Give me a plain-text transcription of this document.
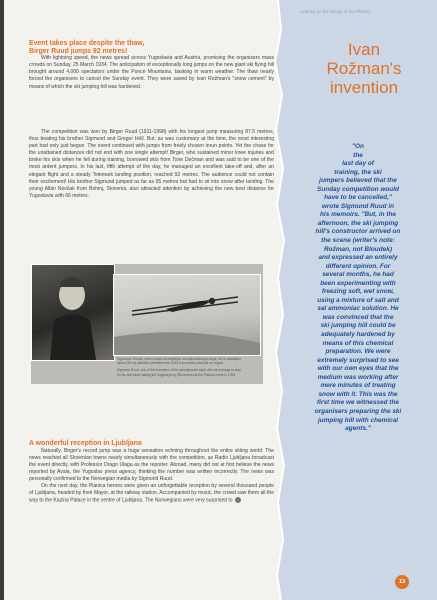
Leaning on the Wings of the Planets
Ivan
Rožman's
invention
"On
the
last day of
training, the ski
jumpers believed that the
Sunday competition would
have to be cancelled,"
wrote Sigmund Ruud in
his memoirs. "But, in the
afternoon, the ski jumping
hill's constructor arrived on
the scene (writer's note:
Rožman, not Bloudek)
and expressed an entirely
different opinion. For
several months, he had
been experimenting with
freezing soft, wet snow,
using a mixture of salt and
sal ammoniac solution. He
was convinced that the
ski jumping hill could be
adequately hardened by
means of this chemical
preparation. We were
extremely surprised to see
with our own eyes that the
medium was working after
mere minutes of treating
snow with it. This was the
first time we witnessed the
organisers preparing the ski
jumping hill with chemical
agents."
Event takes place despite the thaw,
Birger Ruud jumps 92 metres!

With lightning speed, the news spread across Yugoslavia and Austria, promising the organisers mass crowds on Sunday, 25 March 1934. The anticipation of exceptionally long jumps on the new giant ski flying hill brought around 4,000 spectators under the Ponce Mountains, basking in warm weather. The thaw nearly forced the organisers to cancel the Sunday event. They were saved by Ivan Rožman's "snow cement" by means of which the ski jumping hill was hardened.

The competition was won by Birger Ruud (1911-1998) with his longest jump measuring 87.5 metres, thus beating his brother Sigmund and Gregor Höll. But, as was customary at the time, the most interesting part had only just begun. The event continued with jumps from freely chosen inrun points. Yet the chase for the unattained distances did not end with one single attempt! Birger, who sustained minor knee injuries and broke his skis when he fell during training, borrowed skis from Tone Dečman and was said to be one of the most ardent jumpers. In his last, fifth attempt of the day, he managed an excellent take-off and, after an elegant flight and a steady Telemark landing position, reached 92 metres. The audience could not contain their excitement! His brother Sigmund jumped as far as 95 metres but had to sit into snow after landing. The young Albin Novšak from Bohinj, Slovenia, also attracted attention by achieving the new best distance for Yugoslavia with 66 metres.

Sigmundu Ruudu, eden izmed utemeljiteljev aerodinamičnega sloga, se ni najdaljšim
skoku (95 m) planiške prireditve leta 1934 ni posrečilo obdržati na nogah.
Sigmund Ruud, one of the founders of the aerodynamic style, did not manage to stay
on his feet when taking the longest jump (95 metres) at the Planica event in 1934.
A wonderful reception in Ljubljana

Naturally, Birger's record jump was a huge sensation echoing throughout the entire skiing world. The news reached all Slovenian towns nearly simultaneously with the competition, as Radio Ljubljana broadcast the event directly, with Professor Drago Ulaga as the reporter. Abroad, many did not at first believe the news reported by Avala, the Yugoslav press agency, thinking the number was written incorrectly. The news was personally confirmed to the Norwegian media by Sigmund Ruud.

On the next day, the Planica heroes were given an unforgettable reception by several thousand people of Ljubljana, headed by their Mayor, at the railway station. Accompanied by music, the crowd saw them all the way to the Kazina Palace in the centre of Ljubljana. The Norwegians were very surprised to

13
